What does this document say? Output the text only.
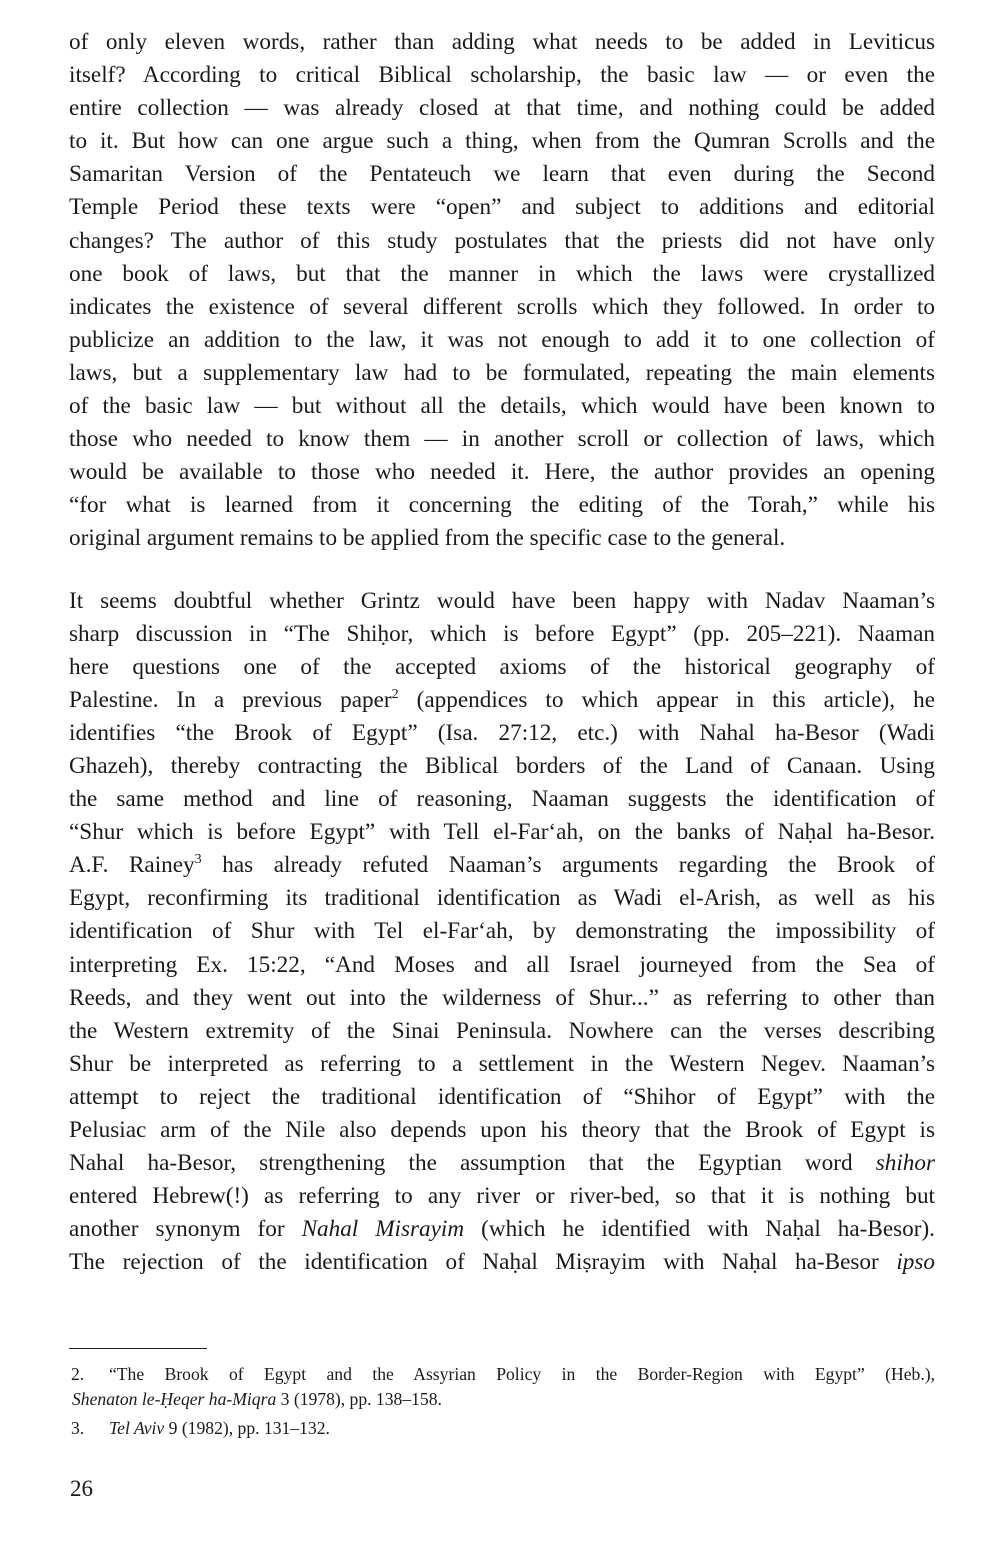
of only eleven words, rather than adding what needs to be added in Leviticus
itself? According to critical Biblical scholarship, the basic law — or even the
entire collection — was already closed at that time, and nothing could be added
to it. But how can one argue such a thing, when from the Qumran Scrolls and the
Samaritan Version of the Pentateuch we learn that even during the Second
Temple Period these texts were “open” and subject to additions and editorial
changes? The author of this study postulates that the priests did not have only
one book of laws, but that the manner in which the laws were crystallized
indicates the existence of several different scrolls which they followed. In order to
publicize an addition to the law, it was not enough to add it to one collection of
laws, but a supplementary law had to be formulated, repeating the main elements
of the basic law — but without all the details, which would have been known to
those who needed to know them — in another scroll or collection of laws, which
would be available to those who needed it. Here, the author provides an opening
“for what is learned from it concerning the editing of the Torah,” while his
original argument remains to be applied from the specific case to the general.

It seems doubtful whether Grintz would have been happy with Nadav Naaman’s
sharp discussion in “The Shiḥor, which is before Egypt” (pp. 205–221). Naaman
here questions one of the accepted axioms of the historical geography of
Palestine. In a previous paper$^2$ (appendices to which appear in this article), he
identifies “the Brook of Egypt” (Isa. 27:12, etc.) with Nahal ha-Besor (Wadi
Ghazeh), thereby contracting the Biblical borders of the Land of Canaan. Using
the same method and line of reasoning, Naaman suggests the identification of
“Shur which is before Egypt” with Tell el-Far‘ah, on the banks of Naḥal ha-Besor.
A.F. Rainey$^3$ has already refuted Naaman’s arguments regarding the Brook of
Egypt, reconfirming its traditional identification as Wadi el-Arish, as well as his
identification of Shur with Tel el-Far‘ah, by demonstrating the impossibility of
interpreting Ex. 15:22, “And Moses and all Israel journeyed from the Sea of
Reeds, and they went out into the wilderness of Shur...” as referring to other than
the Western extremity of the Sinai Peninsula. Nowhere can the verses describing
Shur be interpreted as referring to a settlement in the Western Negev. Naaman’s
attempt to reject the traditional identification of “Shihor of Egypt” with the
Pelusiac arm of the Nile also depends upon his theory that the Brook of Egypt is
Nahal ha-Besor, strengthening the assumption that the Egyptian word shihor
entered Hebrew(!) as referring to any river or river-bed, so that it is nothing but
another synonym for Nahal Misrayim (which he identified with Naḥal ha-Besor).
The rejection of the identification of Naḥal Miṣrayim with Naḥal ha-Besor ipso

2.	“The Brook of Egypt and the Assyrian Policy in the Border-Region with Egypt” (Heb.),
Shenaton le-Ḥeqer ha-Miqra 3 (1978), pp. 138–158.
3.	Tel Aviv 9 (1982), pp. 131–132.
26
